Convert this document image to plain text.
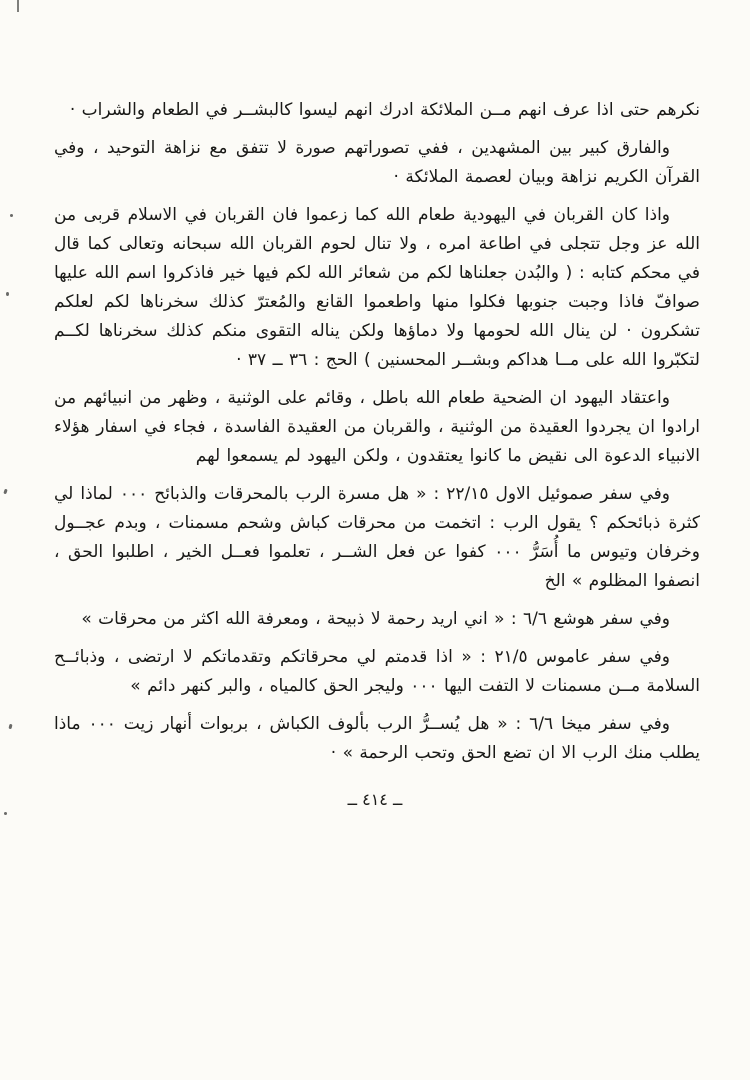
نكرهم حتى اذا عرف انهم مــن الملائكة ادرك انهم ليسوا كالبشــر في الطعام والشراب ·

والفارق كبير بين المشهدين ، ففي تصوراتهم صورة لا تتفق مع نزاهة التوحيد ، وفي القرآن الكريم نزاهة وبيان لعصمة الملائكة ·

واذا كان القربان في اليهودية طعام الله كما زعموا فان القربان في الاسلام قربى من الله عز وجل تتجلى في اطاعة امره ، ولا تنال لحوم القربان الله سبحانه وتعالى كما قال في محكم كتابه : ( والبُدن جعلناها لكم من شعائر الله لكم فيها خير فاذكروا اسم الله عليها صوافّ فاذا وجبت جنوبها فكلوا منها واطعموا القانع والمُعترّ كذلك سخرناها لكم لعلكم تشكرون · لن ينال الله لحومها ولا دماؤها ولكن يناله التقوى منكم كذلك سخرناها لكــم لتكبّروا الله على مــا هداكم وبشــر المحسنين ) الحج : ٣٦ ــ ٣٧ ·

واعتقاد اليهود ان الضحية طعام الله باطل ، وقائم على الوثنية ، وظهر من انبيائهم من ارادوا ان يجردوا العقيدة من الوثنية ، والقربان من العقيدة الفاسدة ، فجاء في اسفار هؤلاء الانبياء الدعوة الى نقيض ما كانوا يعتقدون ، ولكن اليهود لم يسمعوا لهم

وفي سفر صموئيل الاول ٢٢/١٥ : « هل مسرة الرب بالمحرقات والذبائح ٠٠٠ لماذا لي كثرة ذبائحكم ؟ يقول الرب : اتخمت من محرقات كباش وشحم مسمنات ، وبدم عجــول وخرفان وتيوس ما أُسَرُّ ٠٠٠ كفوا عن فعل الشــر ، تعلموا فعــل الخير ، اطلبوا الحق ، انصفوا المظلوم » الخ

وفي سفر هوشع ٦/٦ : « اني اريد رحمة لا ذبيحة ، ومعرفة الله اكثر من محرقات »

وفي سفر عاموس ٢١/٥ : « اذا قدمتم لي محرقاتكم وتقدماتكم لا ارتضى ، وذبائــح السلامة مــن مسمنات لا التفت اليها ٠٠٠ وليجر الحق كالمياه ، والبر كنهر دائم »

وفي سفر ميخا ٦/٦ : « هل يُســرُّ الرب بألوف الكباش ، بربوات أنهار زيت ٠٠٠ ماذا يطلب منك الرب الا ان تضع الحق وتحب الرحمة » ·

ــ ٤١٤ ــ
